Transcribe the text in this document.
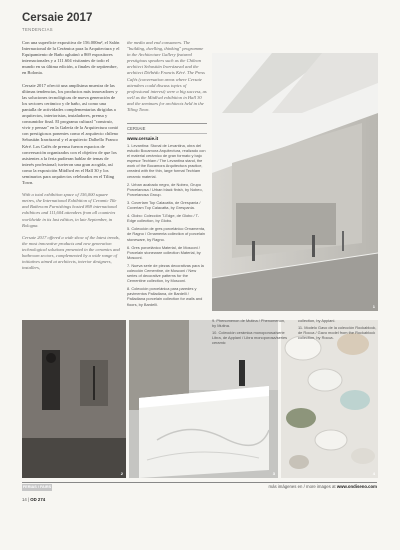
Cersaie 2017
TENDENCIAS

Con una superficie expositiva de 156.000m², el Salón Internacional de la Cerámica para la Arquitectura y el Equipamiento de Baño aglutinó a 869 expositores internacionales y a 111.604 visitantes de todo el mundo en su última edición, a finales de septiembre, en Bolonia.

Cersaie 2017 ofreció una amplísima muestra de las últimas tendencias, los productos más innovadores y las soluciones tecnológicas de nueva generación de los sectores cerámico y de baño, así como una pantalla de actividades complementarias dirigidas a arquitectos, interioristas, instaladores, prensa y consumidor final. El programa cultural "construir, vivir y pensar" en la Galería de la Arquitectura contó con prestigiosos ponentes como el arquitecto chileno Sebastián Irarrázaval y el arquitecto Dalbello Franco Kéré. Los Cafés de prensa fueron espacios de conversación organizados con el objetivo de que los asistentes a la feria pudieran hablar de temas de interés profesional; tuvieron una gran acogida, así como la exposición Mitdlwd en el Hall 30 y los seminarios para arquitectos celebrados en el Tiling Town.

With a total exhibition space of 156,000 square metres, the International Exhibition of Ceramic Tile and Bathroom Furnishings hosted 869 international exhibitors and 111,604 attendees from all countries worldwide in its last edition, in late September, in Bologna.

Cersaie 2017 offered a wide show of the latest trends, the most innovative products and new generation technological solutions presented in the ceramics and bathroom sectors, complemented by a wide range of initiatives aimed at architects, interior designers, installers,

the media and end consumers. The "building, dwelling, thinking" programme in the Architecture Gallery featured prestigious speakers such as the Chilean architect Sebastián Irarrázaval and the architect Diébédo Francis Kéré. The Press Cafés (conversation areas where Cersaie attendees could discuss topics of professional interest) were a big success, as well as the Mitdlwd exhibition in Hall 30 and the seminars for architects held in the Tiling Town.

CERSAIE
www.cersaie.it

1. Levantina: Stonal de Levantina, obra del estudio Bocamora Arquitectura, realizado con el material cerámico de gran formato y bajo espesor Techlam / The Levantina stand, the work of the Bocamora Arquitectura practice, created with the thin, large format Techlam ceramic material.

2. Urban acabado negro, de Nobeo, Grupo Porcelanosa / Urban black finish, by Nobeo, Porcelanosa Group.

3. Coverlam Top Calacatta, de Grespania / Coverlam Top Calacatta, by Grespania.

4. Globo: Colección T-Edge, de Globo / T-Edge collection, by Globo.

5. Colección de gres porcelánico Ornamenta, de Ragno / Ornamenta collection of porcelain stoneware, by Ragno.

6. Gres porcelánico Material, de Mosconi / Porcelain stoneware collection Material, by Mosconi.

7. Nueva serie de piezas decorativas para la colección Cementine, de Mosconi / New series of decorative patterns for the Cementine collection, by Mosconi.

8. Colección porcelánica para paredes y pavimentos Palladiana, de Bardelli / Palladiana porcelain collection for walls and floors, by Bardelli.	1
2	3	4

9. Phenomenon de Mutina / Phenomenon, by Mutina.

10. Colección cerámica monoporosa/serie Libra, de Appiani / Libra monoporosa/series ceramic

collection, by Appiani.

11. Modelo Gavo de la colección Rockablock, de Rocca / Gavo model from the Rockablock collection, by Rocca.

FERIAS / FAIRS	más imágenes en / more images at www.ondiseno.com
14 | OD 274
